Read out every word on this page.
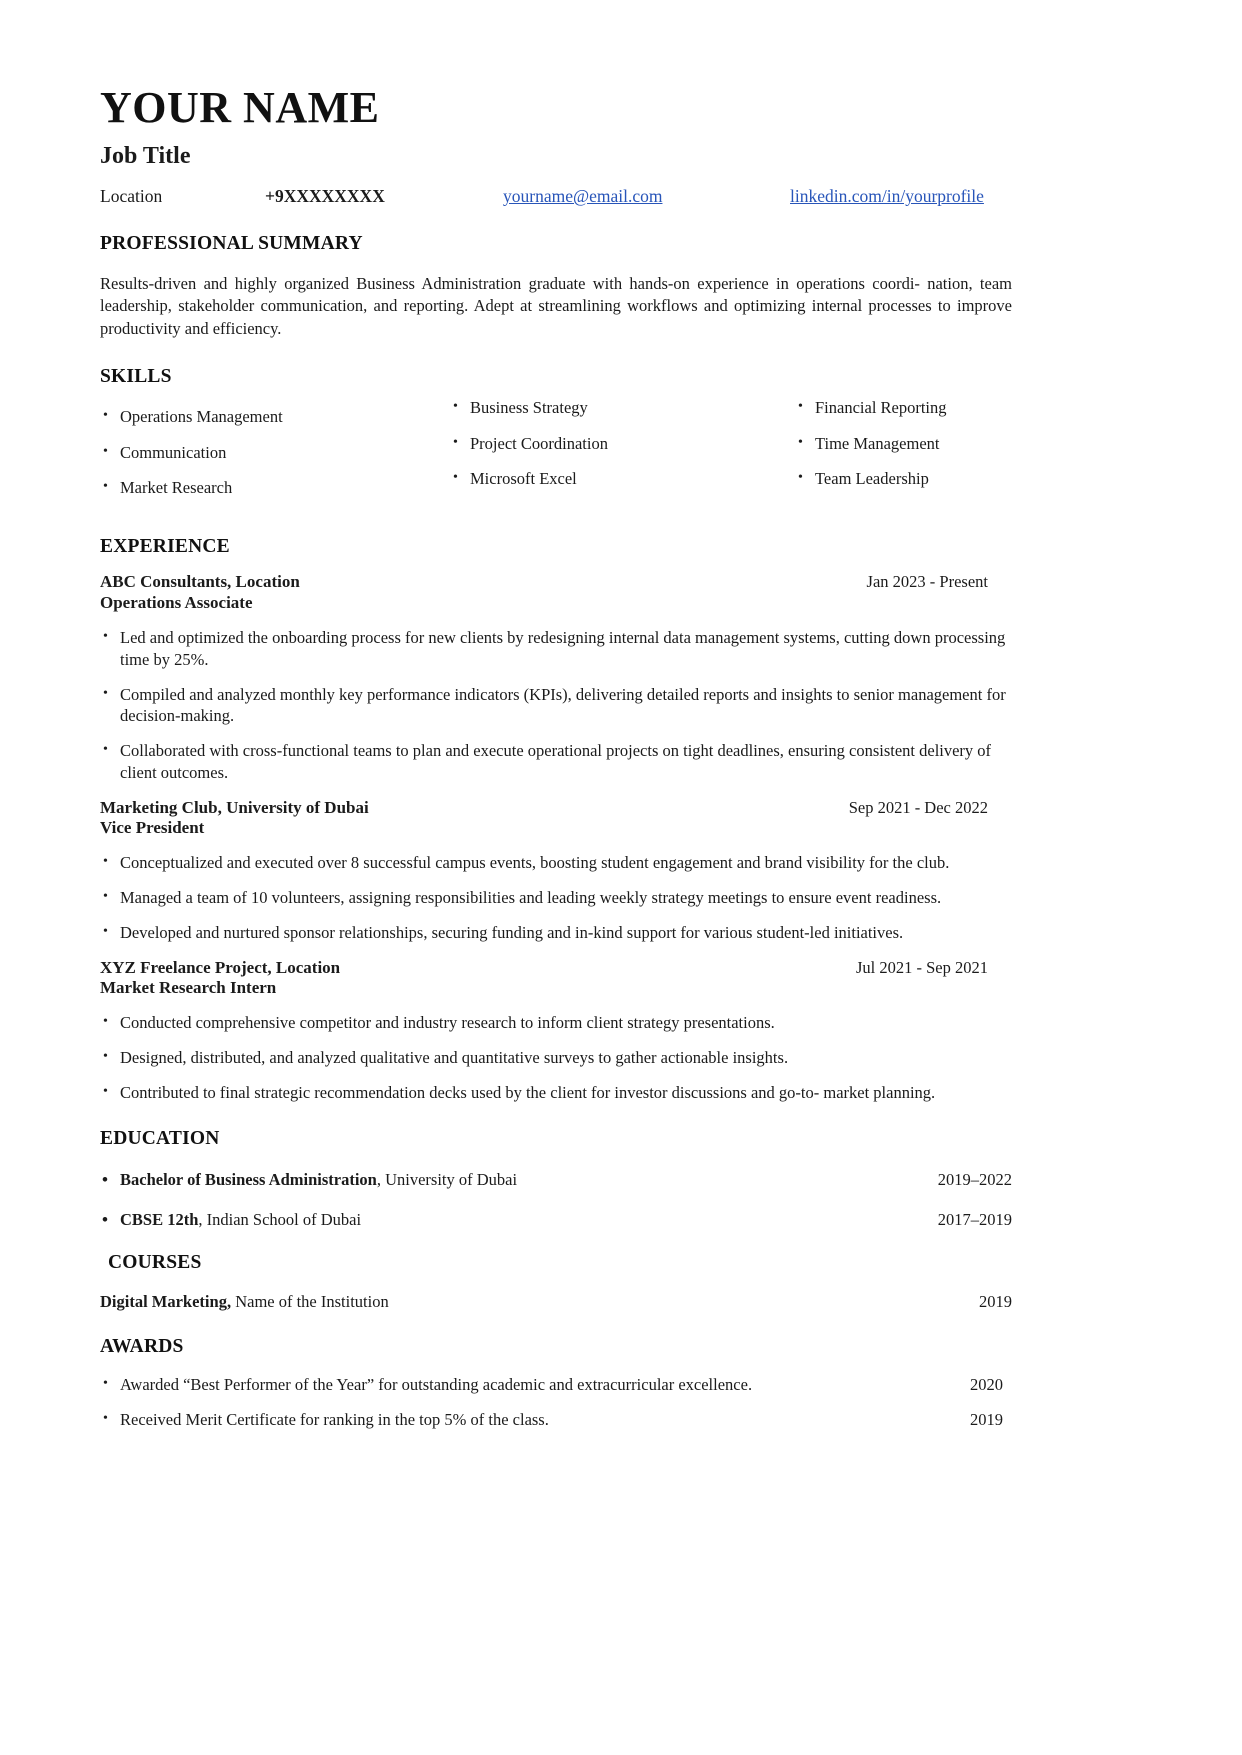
YOUR NAME
Job Title
Location	+9XXXXXXXX	yourname@email.com	linkedin.com/in/yourprofile
PROFESSIONAL SUMMARY

Results-driven and highly organized Business Administration graduate with hands-on experience in operations coordi- nation, team leadership, stakeholder communication, and reporting. Adept at streamlining workflows and optimizing internal processes to improve productivity and efficiency.

SKILLS
• Operations Management
• Communication
• Market Research
• Business Strategy
• Project Coordination
• Microsoft Excel
• Financial Reporting
• Time Management
• Team Leadership
EXPERIENCE
ABC Consultants, Location
Operations Associate
Jan 2023 - Present
• Led and optimized the onboarding process for new clients by redesigning internal data management systems, cutting down processing time by 25%.
• Compiled and analyzed monthly key performance indicators (KPIs), delivering detailed reports and insights to senior management for decision-making.
• Collaborated with cross-functional teams to plan and execute operational projects on tight deadlines, ensuring consistent delivery of client outcomes.
Marketing Club, University of Dubai
Vice President
Sep 2021 - Dec 2022
• Conceptualized and executed over 8 successful campus events, boosting student engagement and brand visibility for the club.
• Managed a team of 10 volunteers, assigning responsibilities and leading weekly strategy meetings to ensure event readiness.
• Developed and nurtured sponsor relationships, securing funding and in-kind support for various student-led initiatives.
XYZ Freelance Project, Location
Market Research Intern
Jul 2021 - Sep 2021
• Conducted comprehensive competitor and industry research to inform client strategy presentations.
• Designed, distributed, and analyzed qualitative and quantitative surveys to gather actionable insights.
• Contributed to final strategic recommendation decks used by the client for investor discussions and go-to- market planning.
EDUCATION
• Bachelor of Business Administration, University of Dubai	2019–2022
• CBSE 12th, Indian School of Dubai	2017–2019
COURSES
Digital Marketing, Name of the Institution	2019
AWARDS
• Awarded “Best Performer of the Year” for outstanding academic and extracurricular excellence.	2020
• Received Merit Certificate for ranking in the top 5% of the class.	2019
